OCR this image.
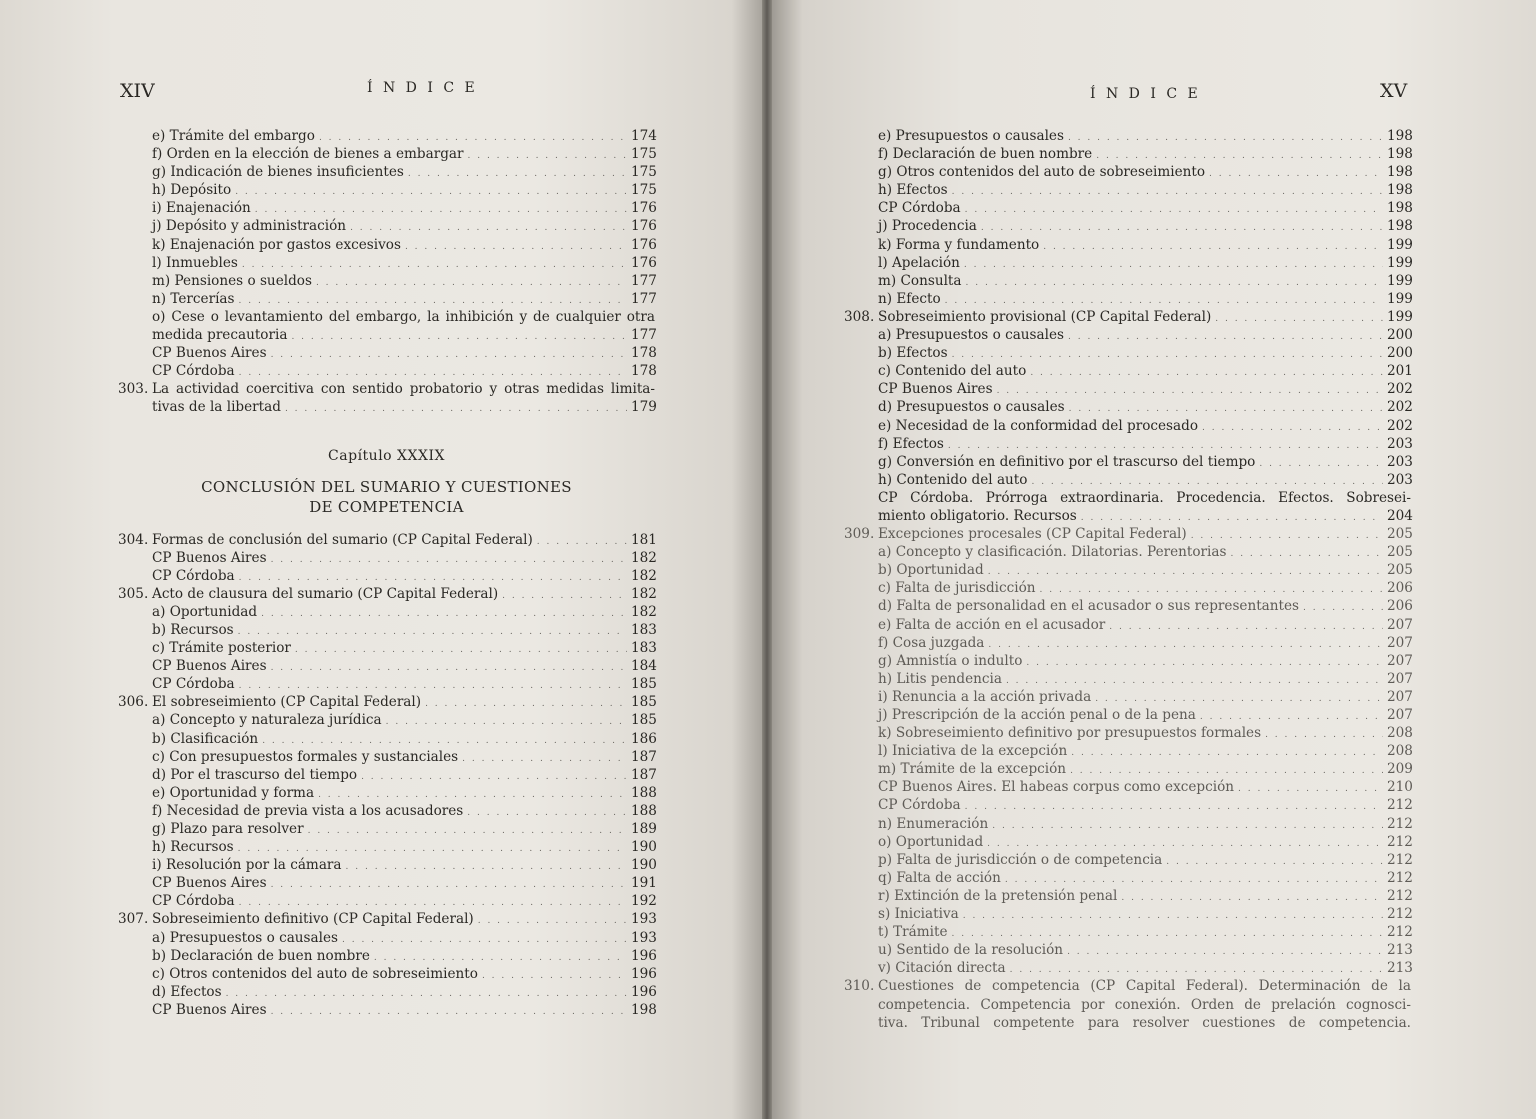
XIV	Í N D I C E
e) Trámite del embargo . . .	174
f) Orden en la elección de bienes a embargar . . .	175
g) Indicación de bienes insuficientes . . .	175
h) Depósito . . .	175
i) Enajenación . . .	176
j) Depósito y administración . . .	176
k) Enajenación por gastos excesivos . . .	176
l) Inmuebles . . .	176
m) Pensiones o sueldos . . .	177
n) Tercerías . . .	177
o) Cese o levantamiento del embargo, la inhibición y de cualquier otra
medida precautoria . . .	177
CP Buenos Aires . . .	178
CP Córdoba . . .	178
303. La actividad coercitiva con sentido probatorio y otras medidas limita-
tivas de la libertad . . .	179
Capítulo XXXIX
CONCLUSIÓN DEL SUMARIO Y CUESTIONES
DE COMPETENCIA
304. Formas de conclusión del sumario (CP Capital Federal) . . .	181
CP Buenos Aires . . .	182
CP Córdoba . . .	182
305. Acto de clausura del sumario (CP Capital Federal) . . .	182
a) Oportunidad . . .	182
b) Recursos . . .	183
c) Trámite posterior . . .	183
CP Buenos Aires . . .	184
CP Córdoba . . .	185
306. El sobreseimiento (CP Capital Federal) . . .	185
a) Concepto y naturaleza jurídica . . .	185
b) Clasificación . . .	186
c) Con presupuestos formales y sustanciales . . .	187
d) Por el trascurso del tiempo . . .	187
e) Oportunidad y forma . . .	188
f) Necesidad de previa vista a los acusadores . . .	188
g) Plazo para resolver . . .	189
h) Recursos . . .	190
i) Resolución por la cámara . . .	190
CP Buenos Aires . . .	191
CP Córdoba . . .	192
307. Sobreseimiento definitivo (CP Capital Federal) . . .	193
a) Presupuestos o causales . . .	193
b) Declaración de buen nombre . . .	196
c) Otros contenidos del auto de sobreseimiento . . .	196
d) Efectos . . .	196
CP Buenos Aires . . .	198
Í N D I C E	XV
e) Presupuestos o causales . . .	198
f) Declaración de buen nombre . . .	198
g) Otros contenidos del auto de sobreseimiento . . .	198
h) Efectos . . .	198
CP Córdoba . . .	198
j) Procedencia . . .	198
k) Forma y fundamento . . .	199
l) Apelación . . .	199
m) Consulta . . .	199
n) Efecto . . .	199
308. Sobreseimiento provisional (CP Capital Federal) . . .	199
a) Presupuestos o causales . . .	200
b) Efectos . . .	200
c) Contenido del auto . . .	201
CP Buenos Aires . . .	202
d) Presupuestos o causales . . .	202
e) Necesidad de la conformidad del procesado . . .	202
f) Efectos . . .	203
g) Conversión en definitivo por el trascurso del tiempo . . .	203
h) Contenido del auto . . .	203
CP Córdoba. Prórroga extraordinaria. Procedencia. Efectos. Sobresei-
miento obligatorio. Recursos . . .	204
309. Excepciones procesales (CP Capital Federal) . . .	205
a) Concepto y clasificación. Dilatorias. Perentorias . . .	205
b) Oportunidad . . .	205
c) Falta de jurisdicción . . .	206
d) Falta de personalidad en el acusador o sus representantes . . .	206
e) Falta de acción en el acusador . . .	207
f) Cosa juzgada . . .	207
g) Amnistía o indulto . . .	207
h) Litis pendencia . . .	207
i) Renuncia a la acción privada . . .	207
j) Prescripción de la acción penal o de la pena . . .	207
k) Sobreseimiento definitivo por presupuestos formales . . .	208
l) Iniciativa de la excepción . . .	208
m) Trámite de la excepción . . .	209
CP Buenos Aires. El habeas corpus como excepción . . .	210
CP Córdoba . . .	212
n) Enumeración . . .	212
o) Oportunidad . . .	212
p) Falta de jurisdicción o de competencia . . .	212
q) Falta de acción . . .	212
r) Extinción de la pretensión penal . . .	212
s) Iniciativa . . .	212
t) Trámite . . .	212
u) Sentido de la resolución . . .	213
v) Citación directa . . .	213
310. Cuestiones de competencia (CP Capital Federal). Determinación de la
competencia. Competencia por conexión. Orden de prelación cognosci-
tiva. Tribunal competente para resolver cuestiones de competencia.
